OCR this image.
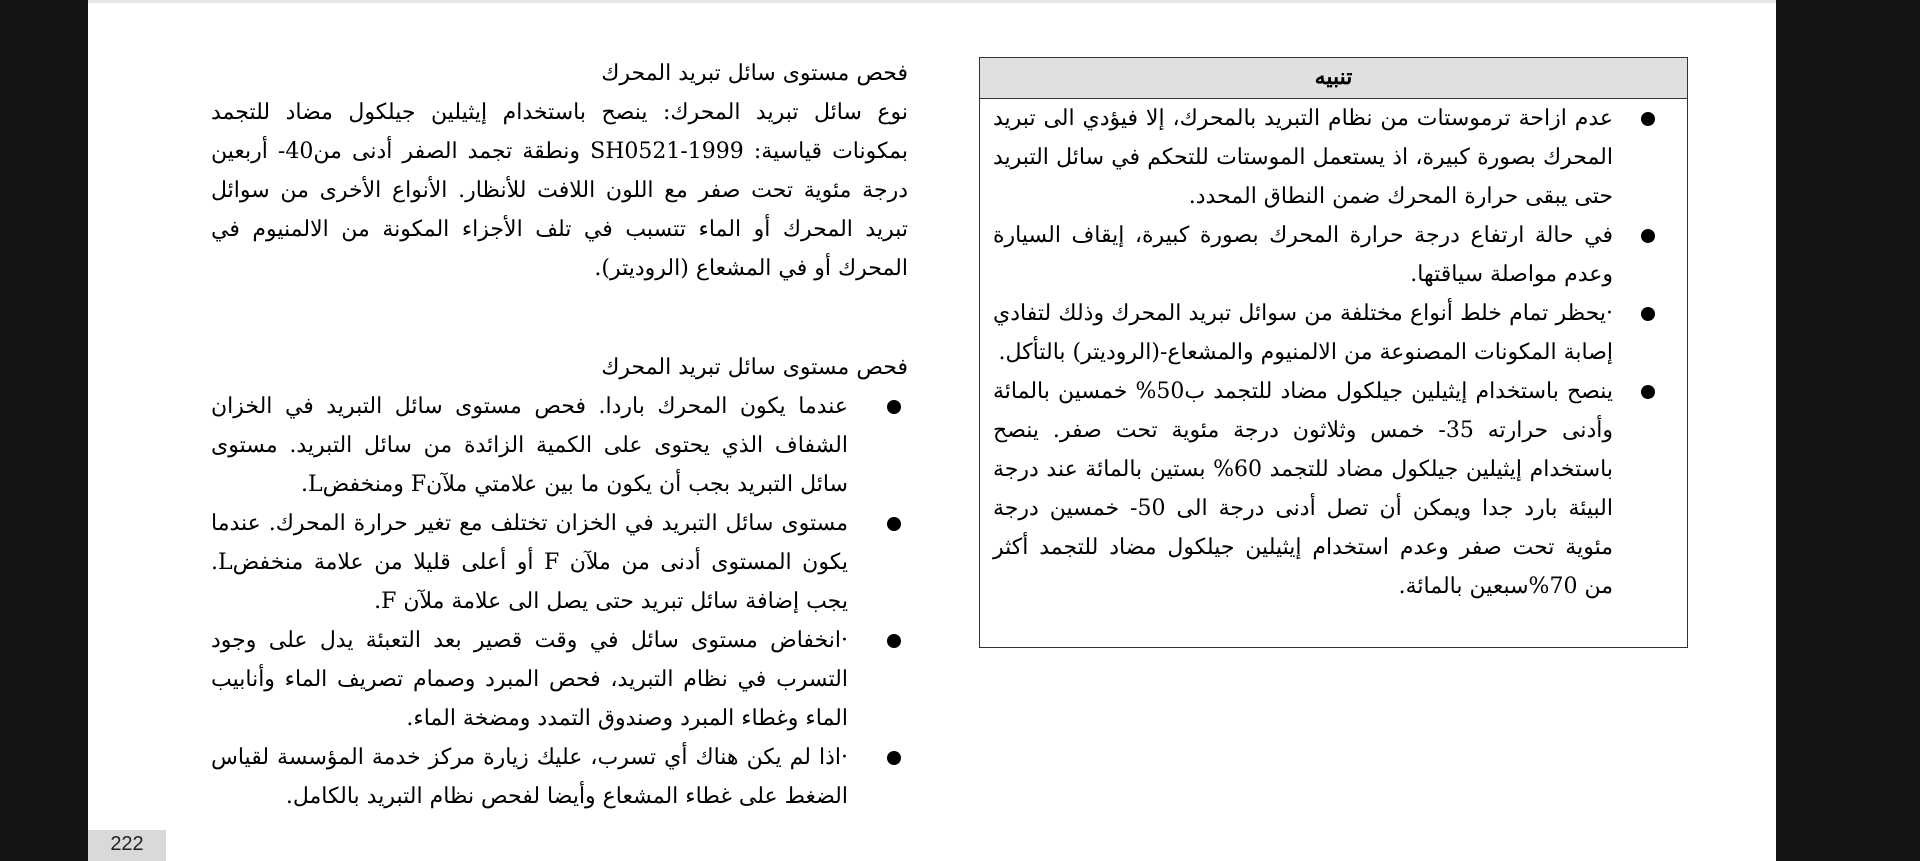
فحص مستوى سائل تبريد المحرك

نوع سائل تبريد المحرك: ينصح باستخدام إيثيلين جيلكول مضاد للتجمد بمكونات قياسية: SH0521-1999 ونطقة تجمد الصفر أدنى من40- أربعين درجة مئوية تحت صفر مع اللون اللافت للأنظار. الأنواع الأخرى من سوائل تبريد المحرك أو الماء تتسبب في تلف الأجزاء المكونة من الالمنيوم في المحرك أو في المشعاع (الروديتر).

فحص مستوى سائل تبريد المحرك
عندما يكون المحرك باردا. فحص مستوى سائل التبريد في الخزان الشفاف الذي يحتوى على الكمية الزائدة من سائل التبريد. مستوى سائل التبريد بجب أن يكون ما بين علامتي ملآنF ومنخفضL.
مستوى سائل التبريد في الخزان تختلف مع تغير حرارة المحرك. عندما يكون المستوى أدنى من ملآن F أو أعلى قليلا من علامة منخفضL. يجب إضافة سائل تبريد حتى يصل الى علامة ملآن F.
·انخفاض مستوى سائل في وقت قصير بعد التعبئة يدل على وجود التسرب في نظام التبريد، فحص المبرد وصمام تصريف الماء وأنابيب الماء وغطاء المبرد وصندوق التمدد ومضخة الماء.
·اذا لم يكن هناك أي تسرب، عليك زيارة مركز خدمة المؤسسة لقياس الضغط على غطاء المشعاع وأيضا لفحص نظام التبريد بالكامل.
تنبيه
عدم ازاحة ترموستات من نظام التبريد بالمحرك، إلا فيؤدي الى تبريد المحرك بصورة كبيرة، اذ يستعمل الموستات للتحكم في سائل التبريد حتى يبقى حرارة المحرك ضمن النطاق المحدد.
في حالة ارتفاع درجة حرارة المحرك بصورة كبيرة، إيقاف السيارة وعدم مواصلة سياقتها.
·يحظر تمام خلط أنواع مختلفة من سوائل تبريد المحرك وذلك لتفادي إصابة المكونات المصنوعة من الالمنيوم والمشعاع-(الروديتر) بالتأكل.
ينصح باستخدام إيثيلين جيلكول مضاد للتجمد ب50% خمسين بالمائة وأدنى حرارته 35- خمس وثلاثون درجة مئوية تحت صفر. ينصح باستخدام إيثيلين جيلكول مضاد للتجمد 60% بستين بالمائة عند درجة البيئة بارد جدا ويمكن أن تصل أدنى درجة الى 50- خمسين درجة مئوية تحت صفر وعدم استخدام إيثيلين جيلكول مضاد للتجمد أكثر من 70%سبعين بالمائة.
222
